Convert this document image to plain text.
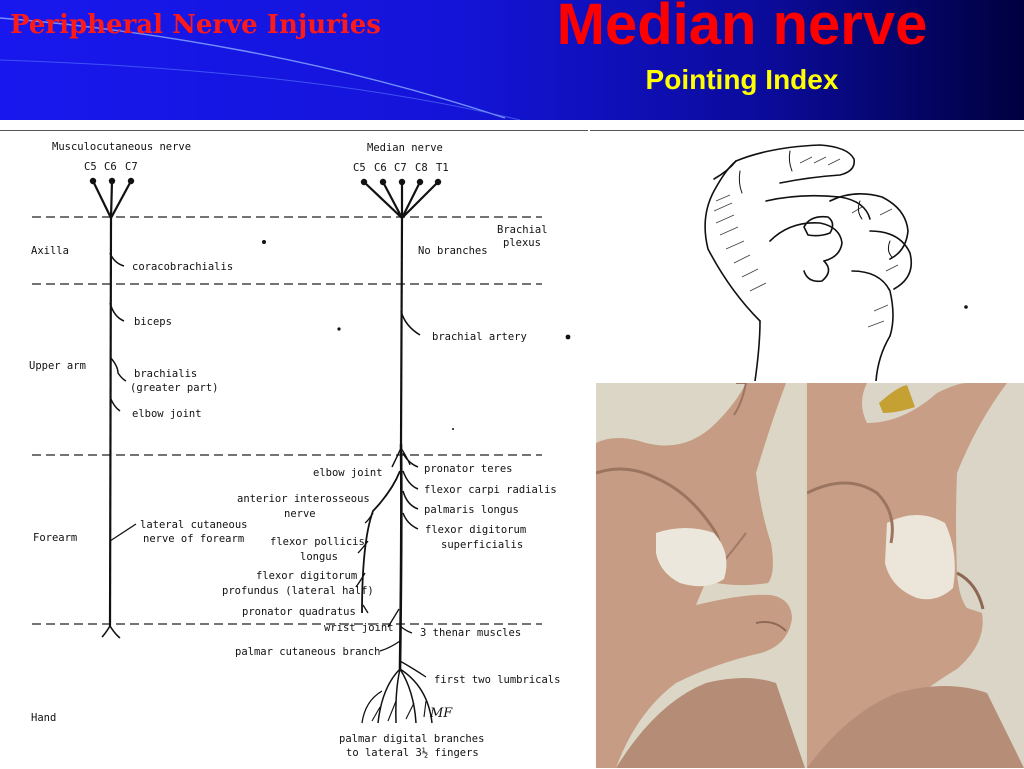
Peripheral Nerve Injuries	Median nerve
Pointing Index
Musculocutaneous nerve
C5 C6 C7
coracobrachialis
biceps
brachialis
(greater part)
elbow joint
lateral cutaneous
nerve of forearm
Brachial
plexus
Axilla
Upper arm
Forearm
Hand
Median nerve
C5 C6 C7 C8 T1
No branches
brachial artery
pronator teres
flexor carpi radialis
palmaris longus
flexor digitorum
superficialis
elbow joint
anterior interosseous
nerve
flexor pollicis
longus
flexor digitorum
profundus (lateral half)
pronator quadratus
wrist joint	3 thenar muscles
palmar cutaneous branch
first two lumbricals
palmar digital branches
to lateral 3½ fingers
MF
